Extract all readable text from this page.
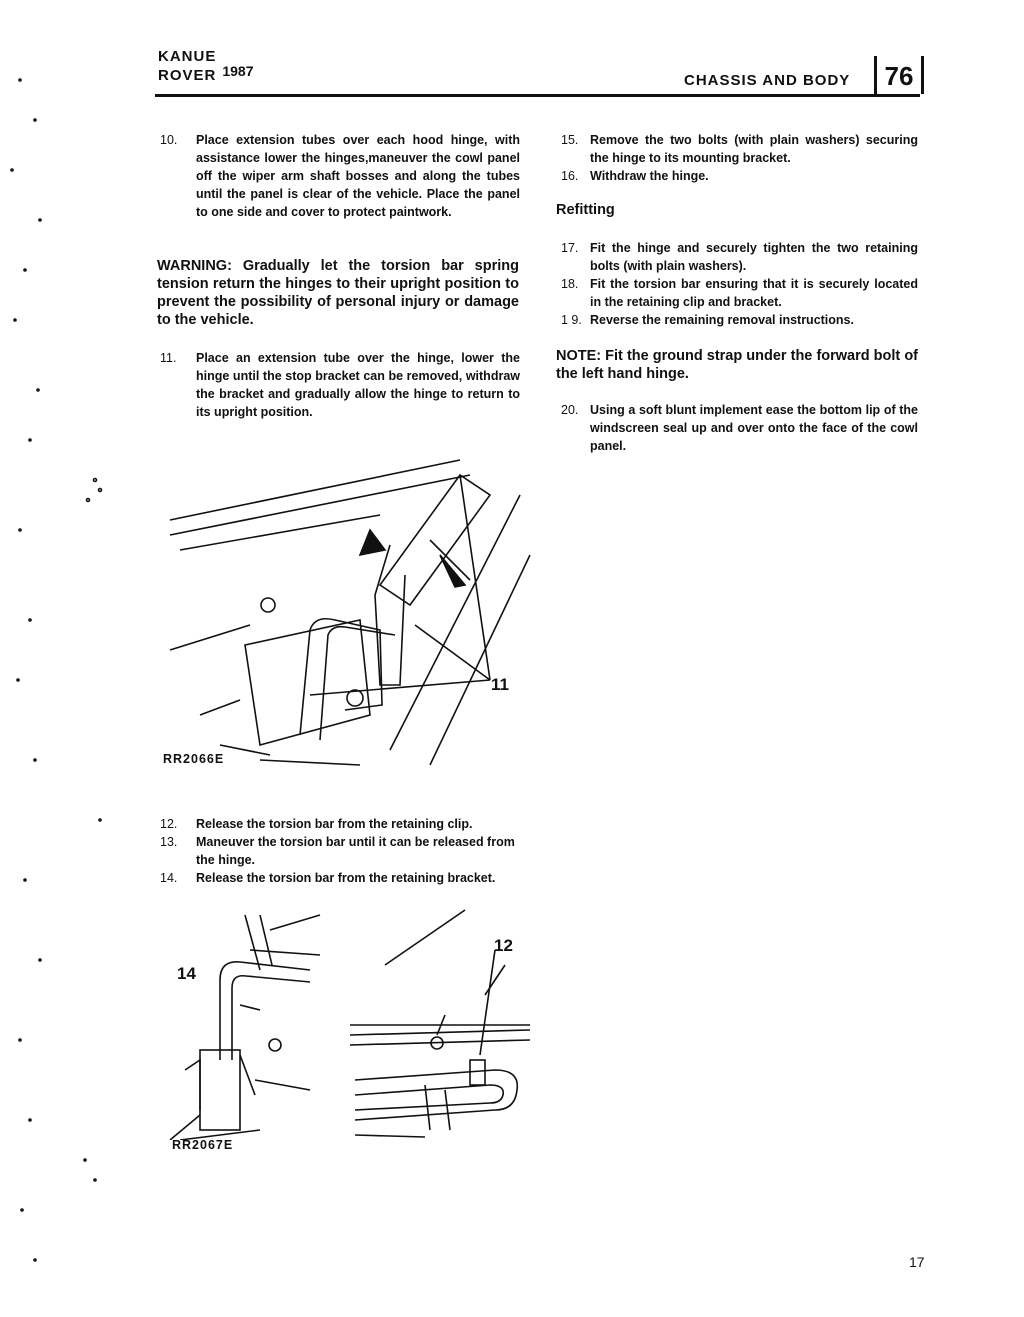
KANUE
ROVER 1987
CHASSIS AND BODY	76
10. Place extension tubes over each hood hinge, with assistance lower the hinges,maneuver the cowl panel off the wiper arm shaft bosses and along the tubes until the panel is clear of the vehicle. Place the panel to one side and cover to protect paintwork.
WARNING: Gradually let the torsion bar spring tension return the hinges to their upright position to prevent the possibility of personal injury or damage to the vehicle.
11. Place an extension tube over the hinge, lower the hinge until the stop bracket can be removed, withdraw the bracket and gradually allow the hinge to return to its upright position.
RR2066E
11
12. Release the torsion bar from the retaining clip.
13. Maneuver the torsion bar until it can be released from the hinge.
14. Release the torsion bar from the retaining bracket.
14
RR2067E
12
15. Remove the two bolts (with plain washers) securing the hinge to its mounting bracket.
16. Withdraw the hinge.
Refitting
17. Fit the hinge and securely tighten the two retaining bolts (with plain washers).
18. Fit the torsion bar ensuring that it is securely located in the retaining clip and bracket.
1 9. Reverse the remaining removal instructions.
NOTE: Fit the ground strap under the forward bolt of the left hand hinge.
20. Using a soft blunt implement ease the bottom lip of the windscreen seal up and over onto the face of the cowl panel.
17
